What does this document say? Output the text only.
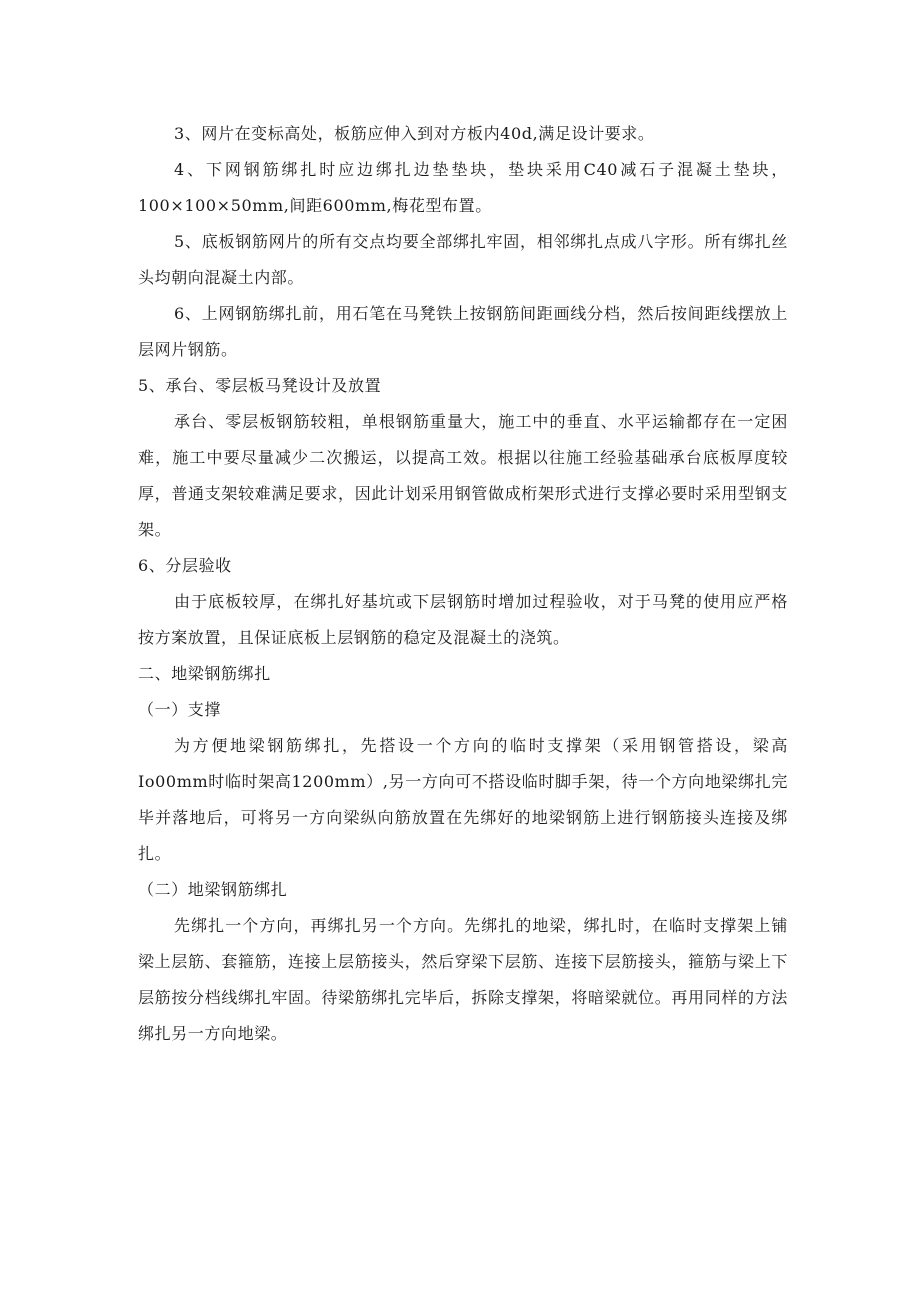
3、网片在变标高处，板筋应伸入到对方板内40d,满足设计要求。

4、下网钢筋绑扎时应边绑扎边垫垫块，垫块采用C40减石子混凝土垫块，100×100×50mm,间距600mm,梅花型布置。

5、底板钢筋网片的所有交点均要全部绑扎牢固，相邻绑扎点成八字形。所有绑扎丝头均朝向混凝土内部。

6、上网钢筋绑扎前，用石笔在马凳铁上按钢筋间距画线分档，然后按间距线摆放上层网片钢筋。

5、承台、零层板马凳设计及放置

承台、零层板钢筋较粗，单根钢筋重量大，施工中的垂直、水平运输都存在一定困难，施工中要尽量减少二次搬运，以提高工效。根据以往施工经验基础承台底板厚度较厚，普通支架较难满足要求，因此计划采用钢管做成桁架形式进行支撑必要时采用型钢支架。

6、分层验收

由于底板较厚，在绑扎好基坑或下层钢筋时增加过程验收，对于马凳的使用应严格按方案放置，且保证底板上层钢筋的稳定及混凝土的浇筑。

二、地梁钢筋绑扎

（一）支撑

为方便地梁钢筋绑扎，先搭设一个方向的临时支撑架（采用钢管搭设，梁高Io00mm时临时架高1200mm）,另一方向可不搭设临时脚手架，待一个方向地梁绑扎完毕并落地后，可将另一方向梁纵向筋放置在先绑好的地梁钢筋上进行钢筋接头连接及绑扎。

（二）地梁钢筋绑扎

先绑扎一个方向，再绑扎另一个方向。先绑扎的地梁，绑扎时，在临时支撑架上铺梁上层筋、套箍筋，连接上层筋接头，然后穿梁下层筋、连接下层筋接头，箍筋与梁上下层筋按分档线绑扎牢固。待梁筋绑扎完毕后，拆除支撑架，将暗梁就位。再用同样的方法绑扎另一方向地梁。
